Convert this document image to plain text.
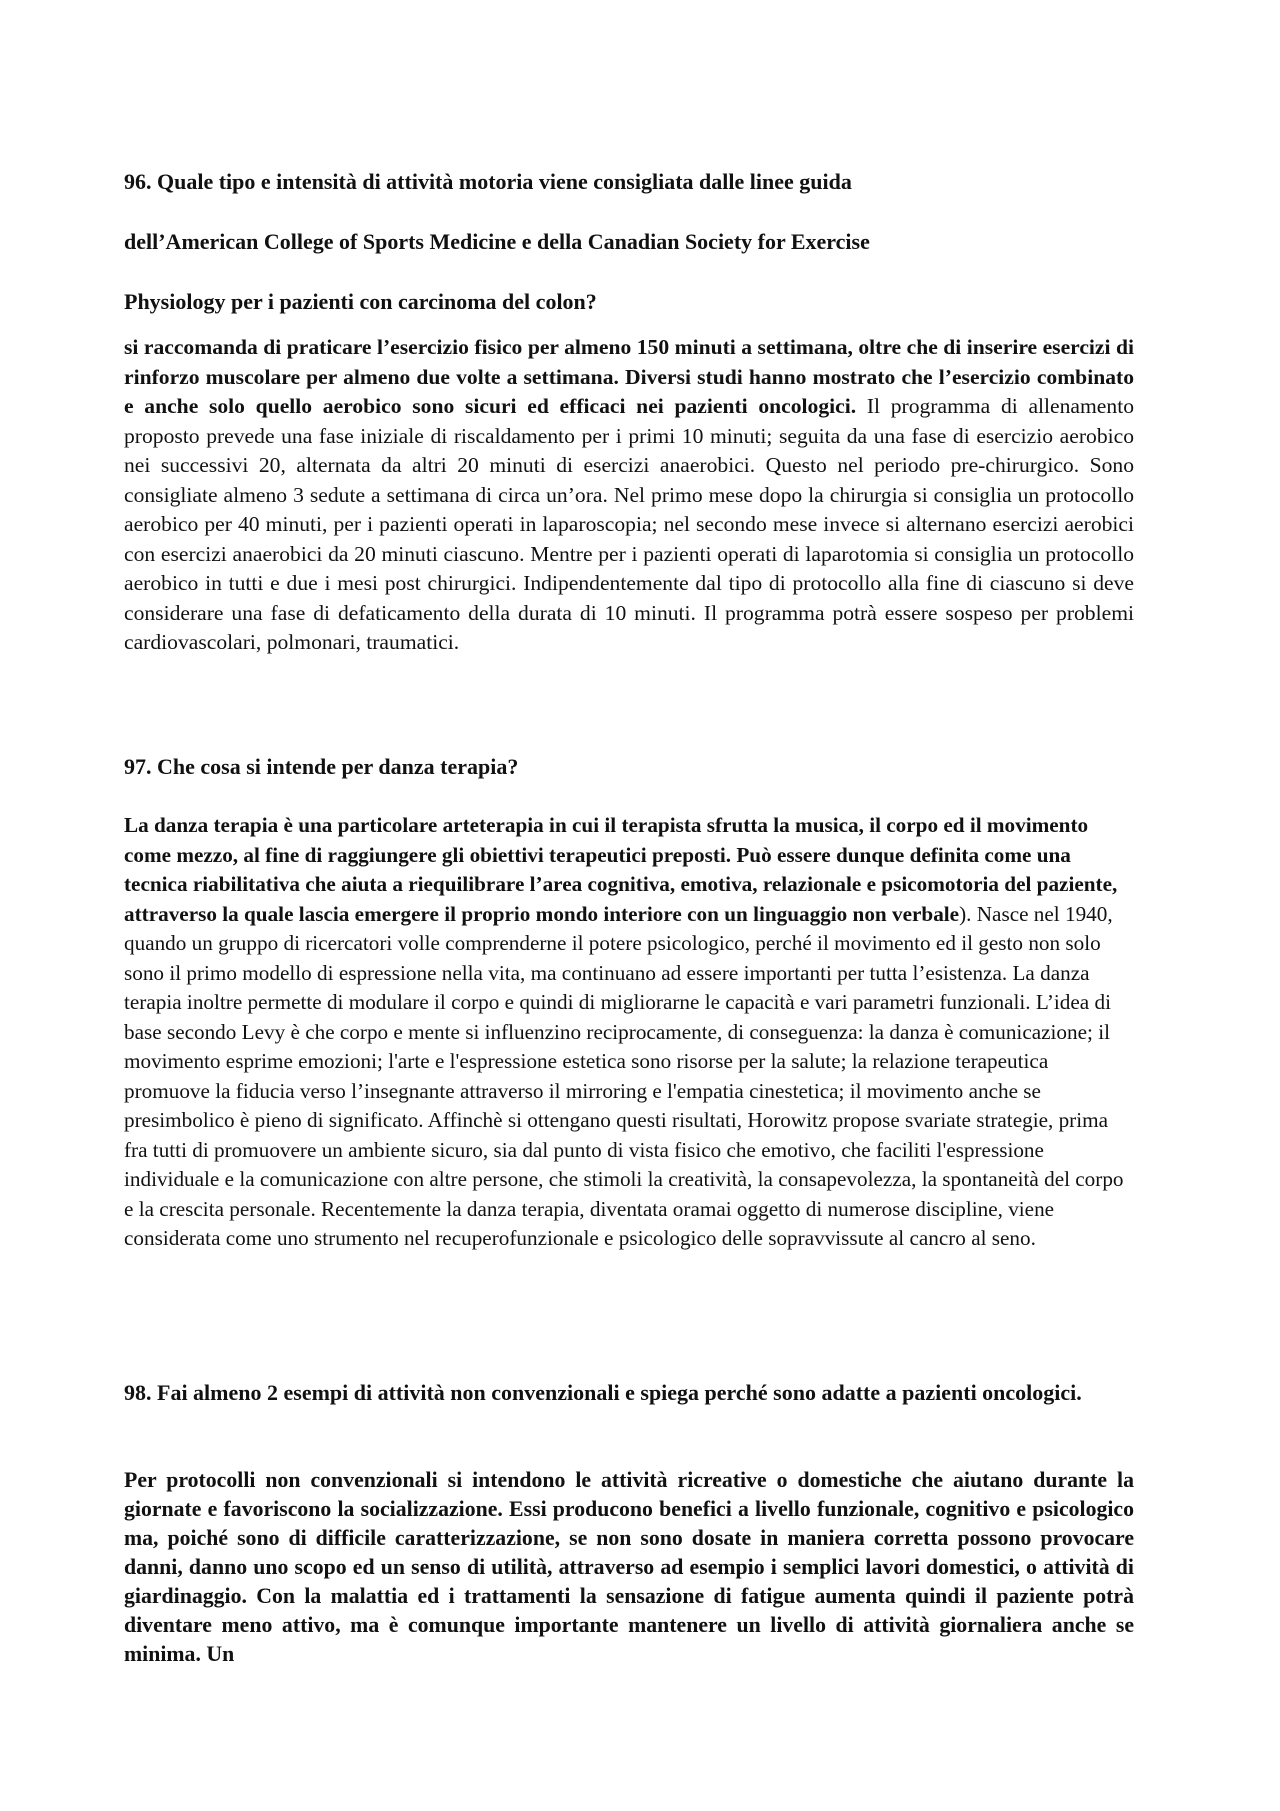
96. Quale tipo e intensità di attività motoria viene consigliata dalle linee guida
dell’American College of Sports Medicine e della Canadian Society for Exercise
Physiology per i pazienti con carcinoma del colon?

si raccomanda di praticare l’esercizio fisico per almeno 150 minuti a settimana, oltre che di inserire esercizi di rinforzo muscolare per almeno due volte a settimana. Diversi studi hanno mostrato che l’esercizio combinato e anche solo quello aerobico sono sicuri ed efficaci nei pazienti oncologici. Il programma di allenamento proposto prevede una fase iniziale di riscaldamento per i primi 10 minuti; seguita da una fase di esercizio aerobico nei successivi 20, alternata da altri 20 minuti di esercizi anaerobici. Questo nel periodo pre-chirurgico. Sono consigliate almeno 3 sedute a settimana di circa un’ora. Nel primo mese dopo la chirurgia si consiglia un protocollo aerobico per 40 minuti, per i pazienti operati in laparoscopia; nel secondo mese invece si alternano esercizi aerobici con esercizi anaerobici da 20 minuti ciascuno. Mentre per i pazienti operati di laparotomia si consiglia un protocollo aerobico in tutti e due i mesi post chirurgici. Indipendentemente dal tipo di protocollo alla fine di ciascuno si deve considerare una fase di defaticamento della durata di 10 minuti. Il programma potrà essere sospeso per problemi cardiovascolari, polmonari, traumatici.

97. Che cosa si intende per danza terapia?

La danza terapia è una particolare arteterapia in cui il terapista sfrutta la musica, il corpo ed il movimento come mezzo, al fine di raggiungere gli obiettivi terapeutici preposti. Può essere dunque definita come una tecnica riabilitativa che aiuta a riequilibrare l’area cognitiva, emotiva, relazionale e psicomotoria del paziente, attraverso la quale lascia emergere il proprio mondo interiore con un linguaggio non verbale). Nasce nel 1940, quando un gruppo di ricercatori volle comprenderne il potere psicologico, perché il movimento ed il gesto non solo sono il primo modello di espressione nella vita, ma continuano ad essere importanti per tutta l’esistenza. La danza terapia inoltre permette di modulare il corpo e quindi di migliorarne le capacità e vari parametri funzionali. L’idea di base secondo Levy è che corpo e mente si influenzino reciprocamente, di conseguenza: la danza è comunicazione; il movimento esprime emozioni; l'arte e l'espressione estetica sono risorse per la salute; la relazione terapeutica promuove la fiducia verso l’insegnante attraverso il mirroring e l'empatia cinestetica; il movimento anche se presimbolico è pieno di significato. Affinchè si ottengano questi risultati, Horowitz propose svariate strategie, prima fra tutti di promuovere un ambiente sicuro, sia dal punto di vista fisico che emotivo, che faciliti l'espressione individuale e la comunicazione con altre persone, che stimoli la creatività, la consapevolezza, la spontaneità del corpo e la crescita personale. Recentemente la danza terapia, diventata oramai oggetto di numerose discipline, viene considerata come uno strumento nel recuperofunzionale e psicologico delle sopravvissute al cancro al seno.

98. Fai almeno 2 esempi di attività non convenzionali e spiega perché sono adatte a pazienti oncologici.

Per protocolli non convenzionali si intendono le attività ricreative o domestiche che aiutano durante la giornate e favoriscono la socializzazione. Essi producono benefici a livello funzionale, cognitivo e psicologico ma, poiché sono di difficile caratterizzazione, se non sono dosate in maniera corretta possono provocare danni, danno uno scopo ed un senso di utilità, attraverso ad esempio i semplici lavori domestici, o attività di giardinaggio. Con la malattia ed i trattamenti la sensazione di fatigue aumenta quindi il paziente potrà diventare meno attivo, ma è comunque importante mantenere un livello di attività giornaliera anche se minima. Un
